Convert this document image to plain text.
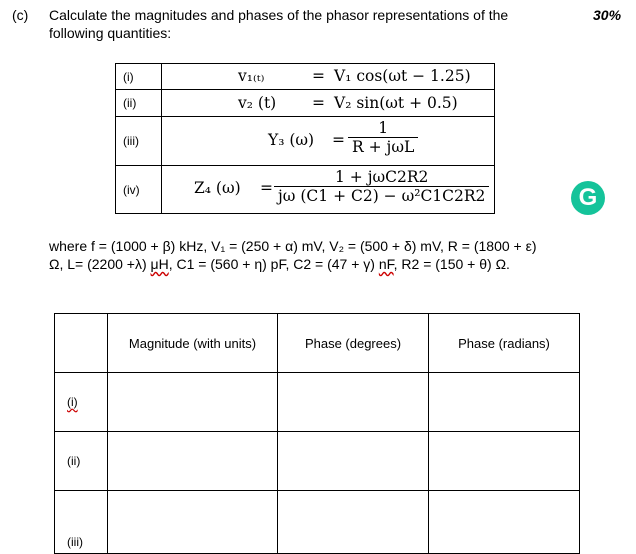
(c) Calculate the magnitudes and phases of the phasor representations of the
following quantities:
30%
(i)	v₁₍ₜ₎ = V₁ cos(ωt − 1.25)

(ii)	v₂ (t) = V₂ sin(ωt + 0.5)

(iii)	Y₃ (ω) =
1
R + jωL

(iv)	Z₄ (ω) =
1 + jωC2R2
jω (C1 + C2) − ω²C1C2R2	G
where f = (1000 + β) kHz, V₁ = (250 + α) mV, V₂ = (500 + δ) mV, R = (1800 + ε)
Ω, L= (2200 +λ) μH, C1 = (560 + η) pF, C2 = (47 + γ) nF, R2 = (150 + θ) Ω.
	Magnitude (with units)	Phase (degrees)	Phase (radians)
(i)			
(ii)			
(iii)			
